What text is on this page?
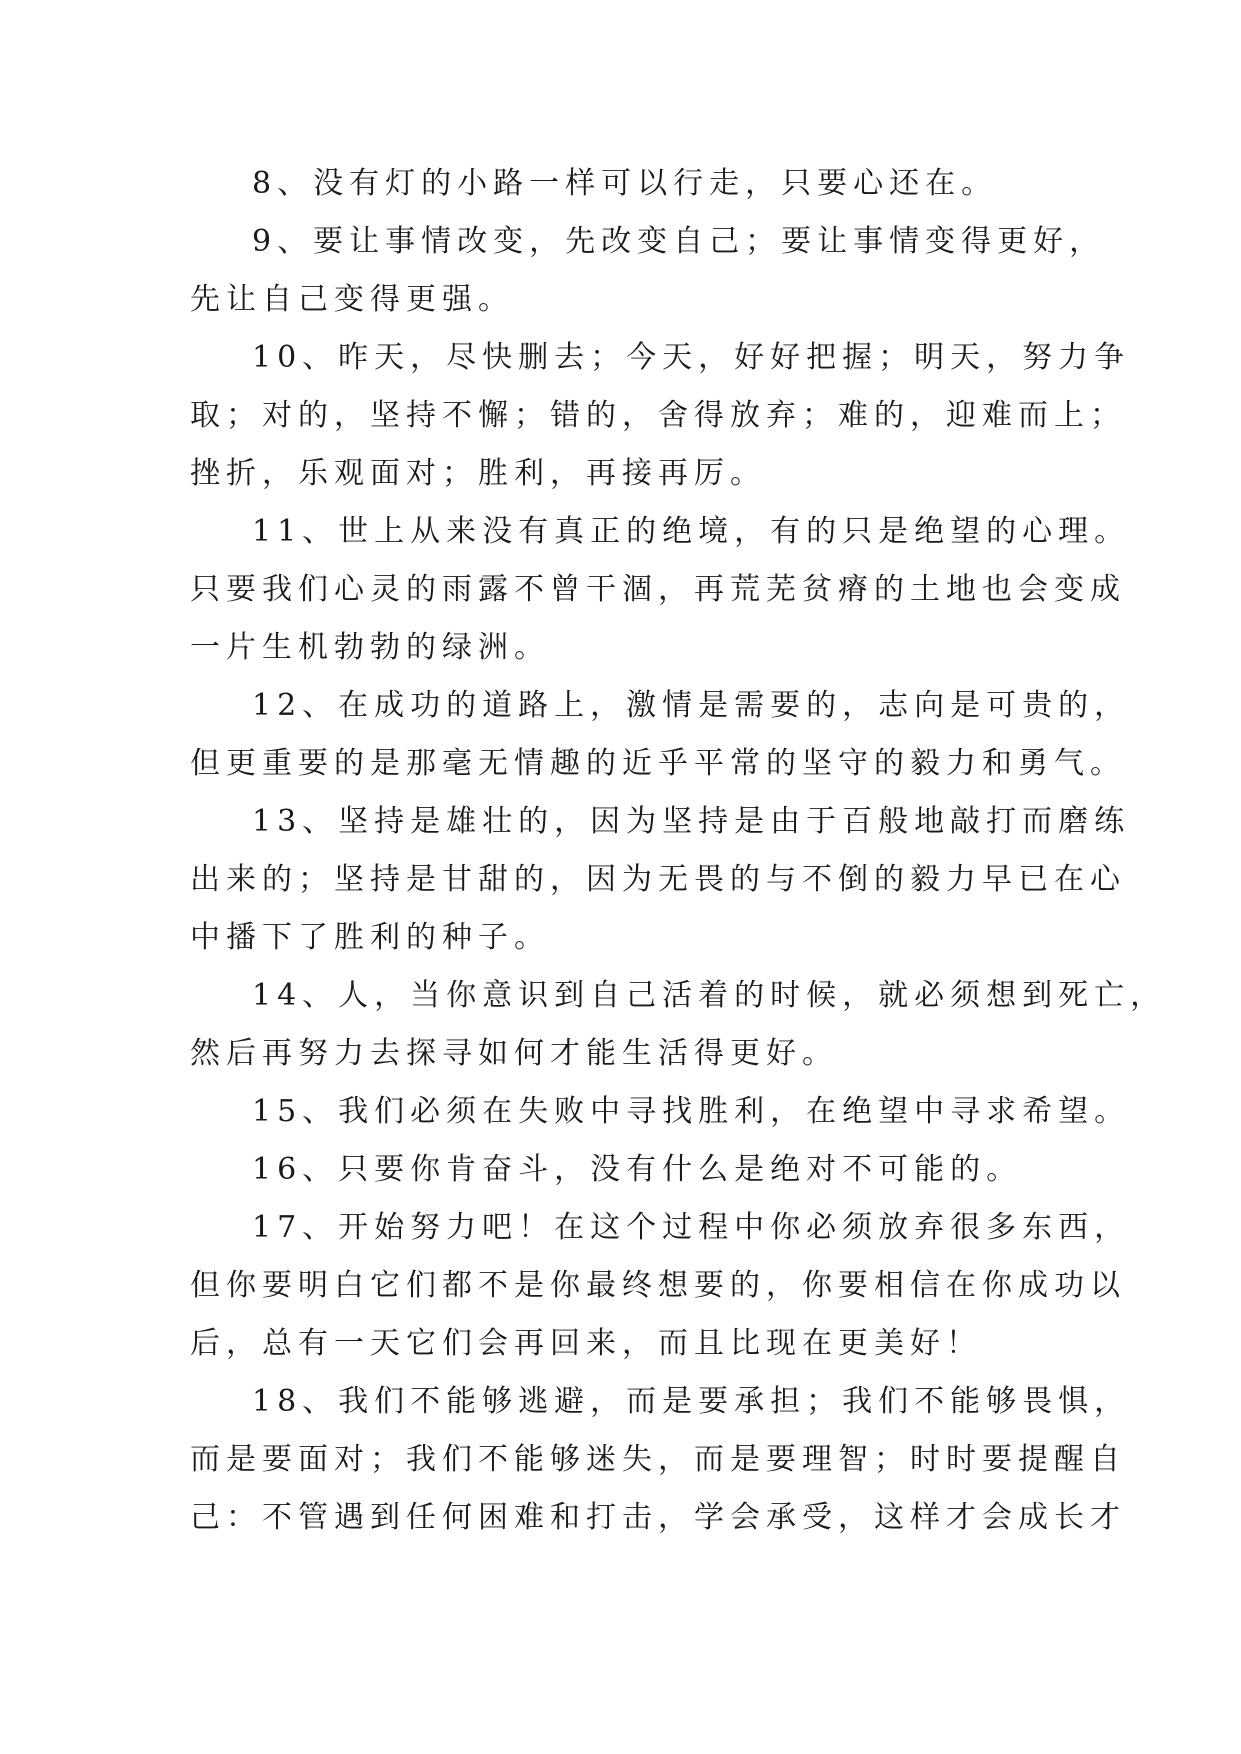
8、没有灯的小路一样可以行走，只要心还在。
9、要让事情改变，先改变自己；要让事情变得更好，
先让自己变得更强。
10、昨天，尽快删去；今天，好好把握；明天，努力争
取；对的，坚持不懈；错的，舍得放弃；难的，迎难而上；
挫折，乐观面对；胜利，再接再厉。
11、世上从来没有真正的绝境，有的只是绝望的心理。
只要我们心灵的雨露不曾干涸，再荒芜贫瘠的土地也会变成
一片生机勃勃的绿洲。
12、在成功的道路上，激情是需要的，志向是可贵的，
但更重要的是那毫无情趣的近乎平常的坚守的毅力和勇气。
13、坚持是雄壮的，因为坚持是由于百般地敲打而磨练
出来的；坚持是甘甜的，因为无畏的与不倒的毅力早已在心
中播下了胜利的种子。
14、人，当你意识到自己活着的时候，就必须想到死亡，
然后再努力去探寻如何才能生活得更好。
15、我们必须在失败中寻找胜利，在绝望中寻求希望。
16、只要你肯奋斗，没有什么是绝对不可能的。
17、开始努力吧！在这个过程中你必须放弃很多东西，
但你要明白它们都不是你最终想要的，你要相信在你成功以
后，总有一天它们会再回来，而且比现在更美好！
18、我们不能够逃避，而是要承担；我们不能够畏惧，
而是要面对；我们不能够迷失，而是要理智；时时要提醒自
己：不管遇到任何困难和打击，学会承受，这样才会成长才
